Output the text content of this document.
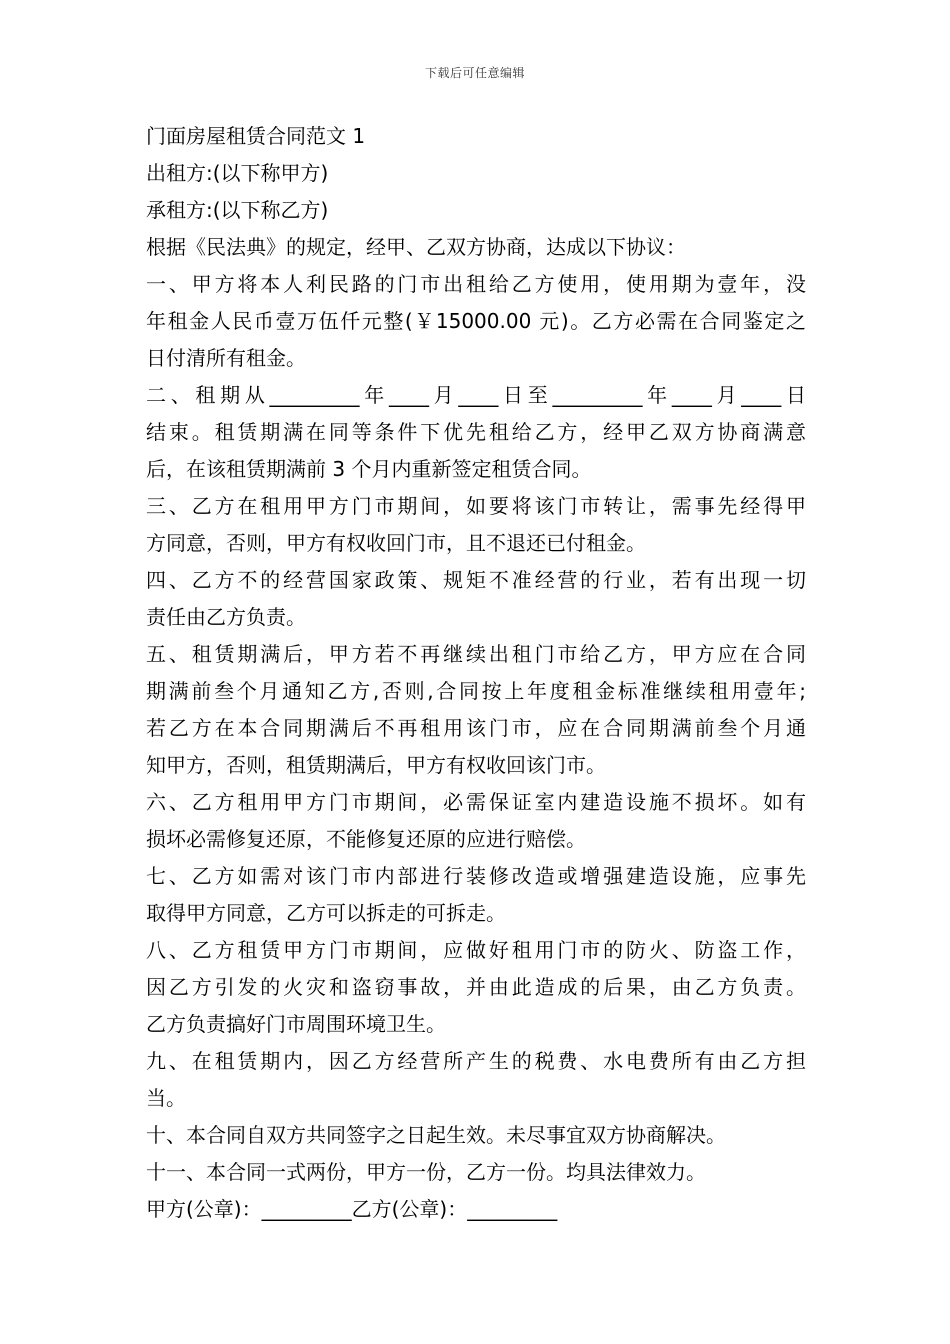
下载后可任意编辑
门面房屋租赁合同范文 1
出租方:(以下称甲方)
承租方:(以下称乙方)
根据《民法典》的规定，经甲、乙双方协商，达成以下协议：
一、甲方将本人利民路的门市出租给乙方使用，使用期为壹年，没
年租金人民币壹万伍仟元整(￥15000.00 元)。乙方必需在合同鉴定之
日付清所有租金。
二、租期从_________年____月____日至_________年____月____日
结束。租赁期满在同等条件下优先租给乙方，经甲乙双方协商满意
后，在该租赁期满前 3 个月内重新签定租赁合同。
三、乙方在租用甲方门市期间，如要将该门市转让，需事先经得甲
方同意，否则，甲方有权收回门市，且不退还已付租金。
四、乙方不的经营国家政策、规矩不准经营的行业，若有出现一切
责任由乙方负责。
五、租赁期满后，甲方若不再继续出租门市给乙方，甲方应在合同
期满前叁个月通知乙方,否则,合同按上年度租金标准继续租用壹年;
若乙方在本合同期满后不再租用该门市，应在合同期满前叁个月通
知甲方，否则，租赁期满后，甲方有权收回该门市。
六、乙方租用甲方门市期间，必需保证室内建造设施不损坏。如有
损坏必需修复还原，不能修复还原的应进行赔偿。
七、乙方如需对该门市内部进行装修改造或增强建造设施，应事先
取得甲方同意，乙方可以拆走的可拆走。
八、乙方租赁甲方门市期间，应做好租用门市的防火、防盗工作，
因乙方引发的火灾和盗窃事故，并由此造成的后果，由乙方负责。
乙方负责搞好门市周围环境卫生。
九、在租赁期内，因乙方经营所产生的税费、水电费所有由乙方担
当。
十、本合同自双方共同签字之日起生效。未尽事宜双方协商解决。
十一、本合同一式两份，甲方一份，乙方一份。均具法律效力。
甲方(公章)：_________乙方(公章)：_________
